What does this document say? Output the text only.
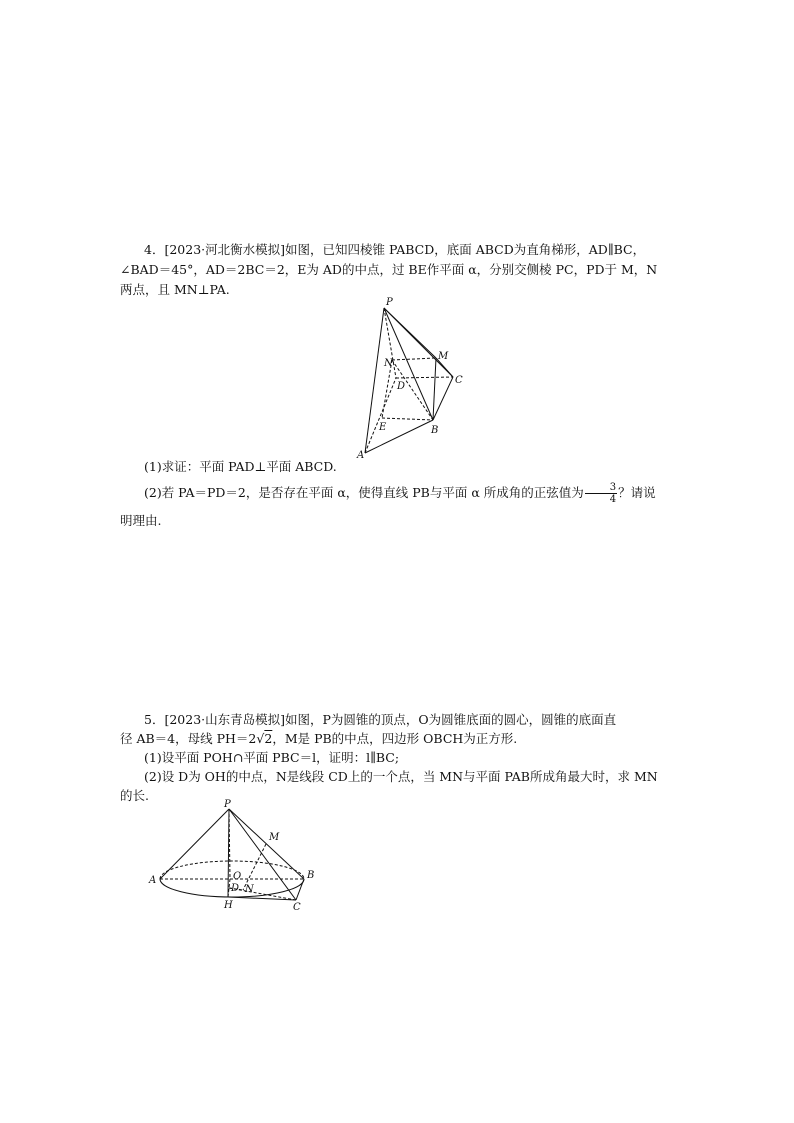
4．[2023·河北衡水模拟]如图，已知四棱锥 PABCD，底面 ABCD为直角梯形，AD∥BC，
∠BAD＝45°，AD＝2BC＝2，E为 AD的中点，过 BE作平面 α，分别交侧棱 PC，PD于 M，N
两点，且 MN⊥PA.
P
M
N
D
C
E	B
A
(1)求证：平面 PAD⊥平面 ABCD.
(2)若 PA＝PD＝2，是否存在平面 α，使得直线 PB与平面 α 所成角的正弦值为 $\frac{3}{4}$ ？请说
明理由.
5．[2023·山东青岛模拟]如图，P为圆锥的顶点，O为圆锥底面的圆心，圆锥的底面直
径 AB＝4，母线 PH＝2√2，M是 PB的中点，四边形 OBCH为正方形.
(1)设平面 POH∩平面 PBC＝l，证明：l∥BC;
(2)设 D为 OH的中点，N是线段 CD上的一个点，当 MN与平面 PAB所成角最大时，求 MN
的长.
P
M
A	O
D N
B
H	C
